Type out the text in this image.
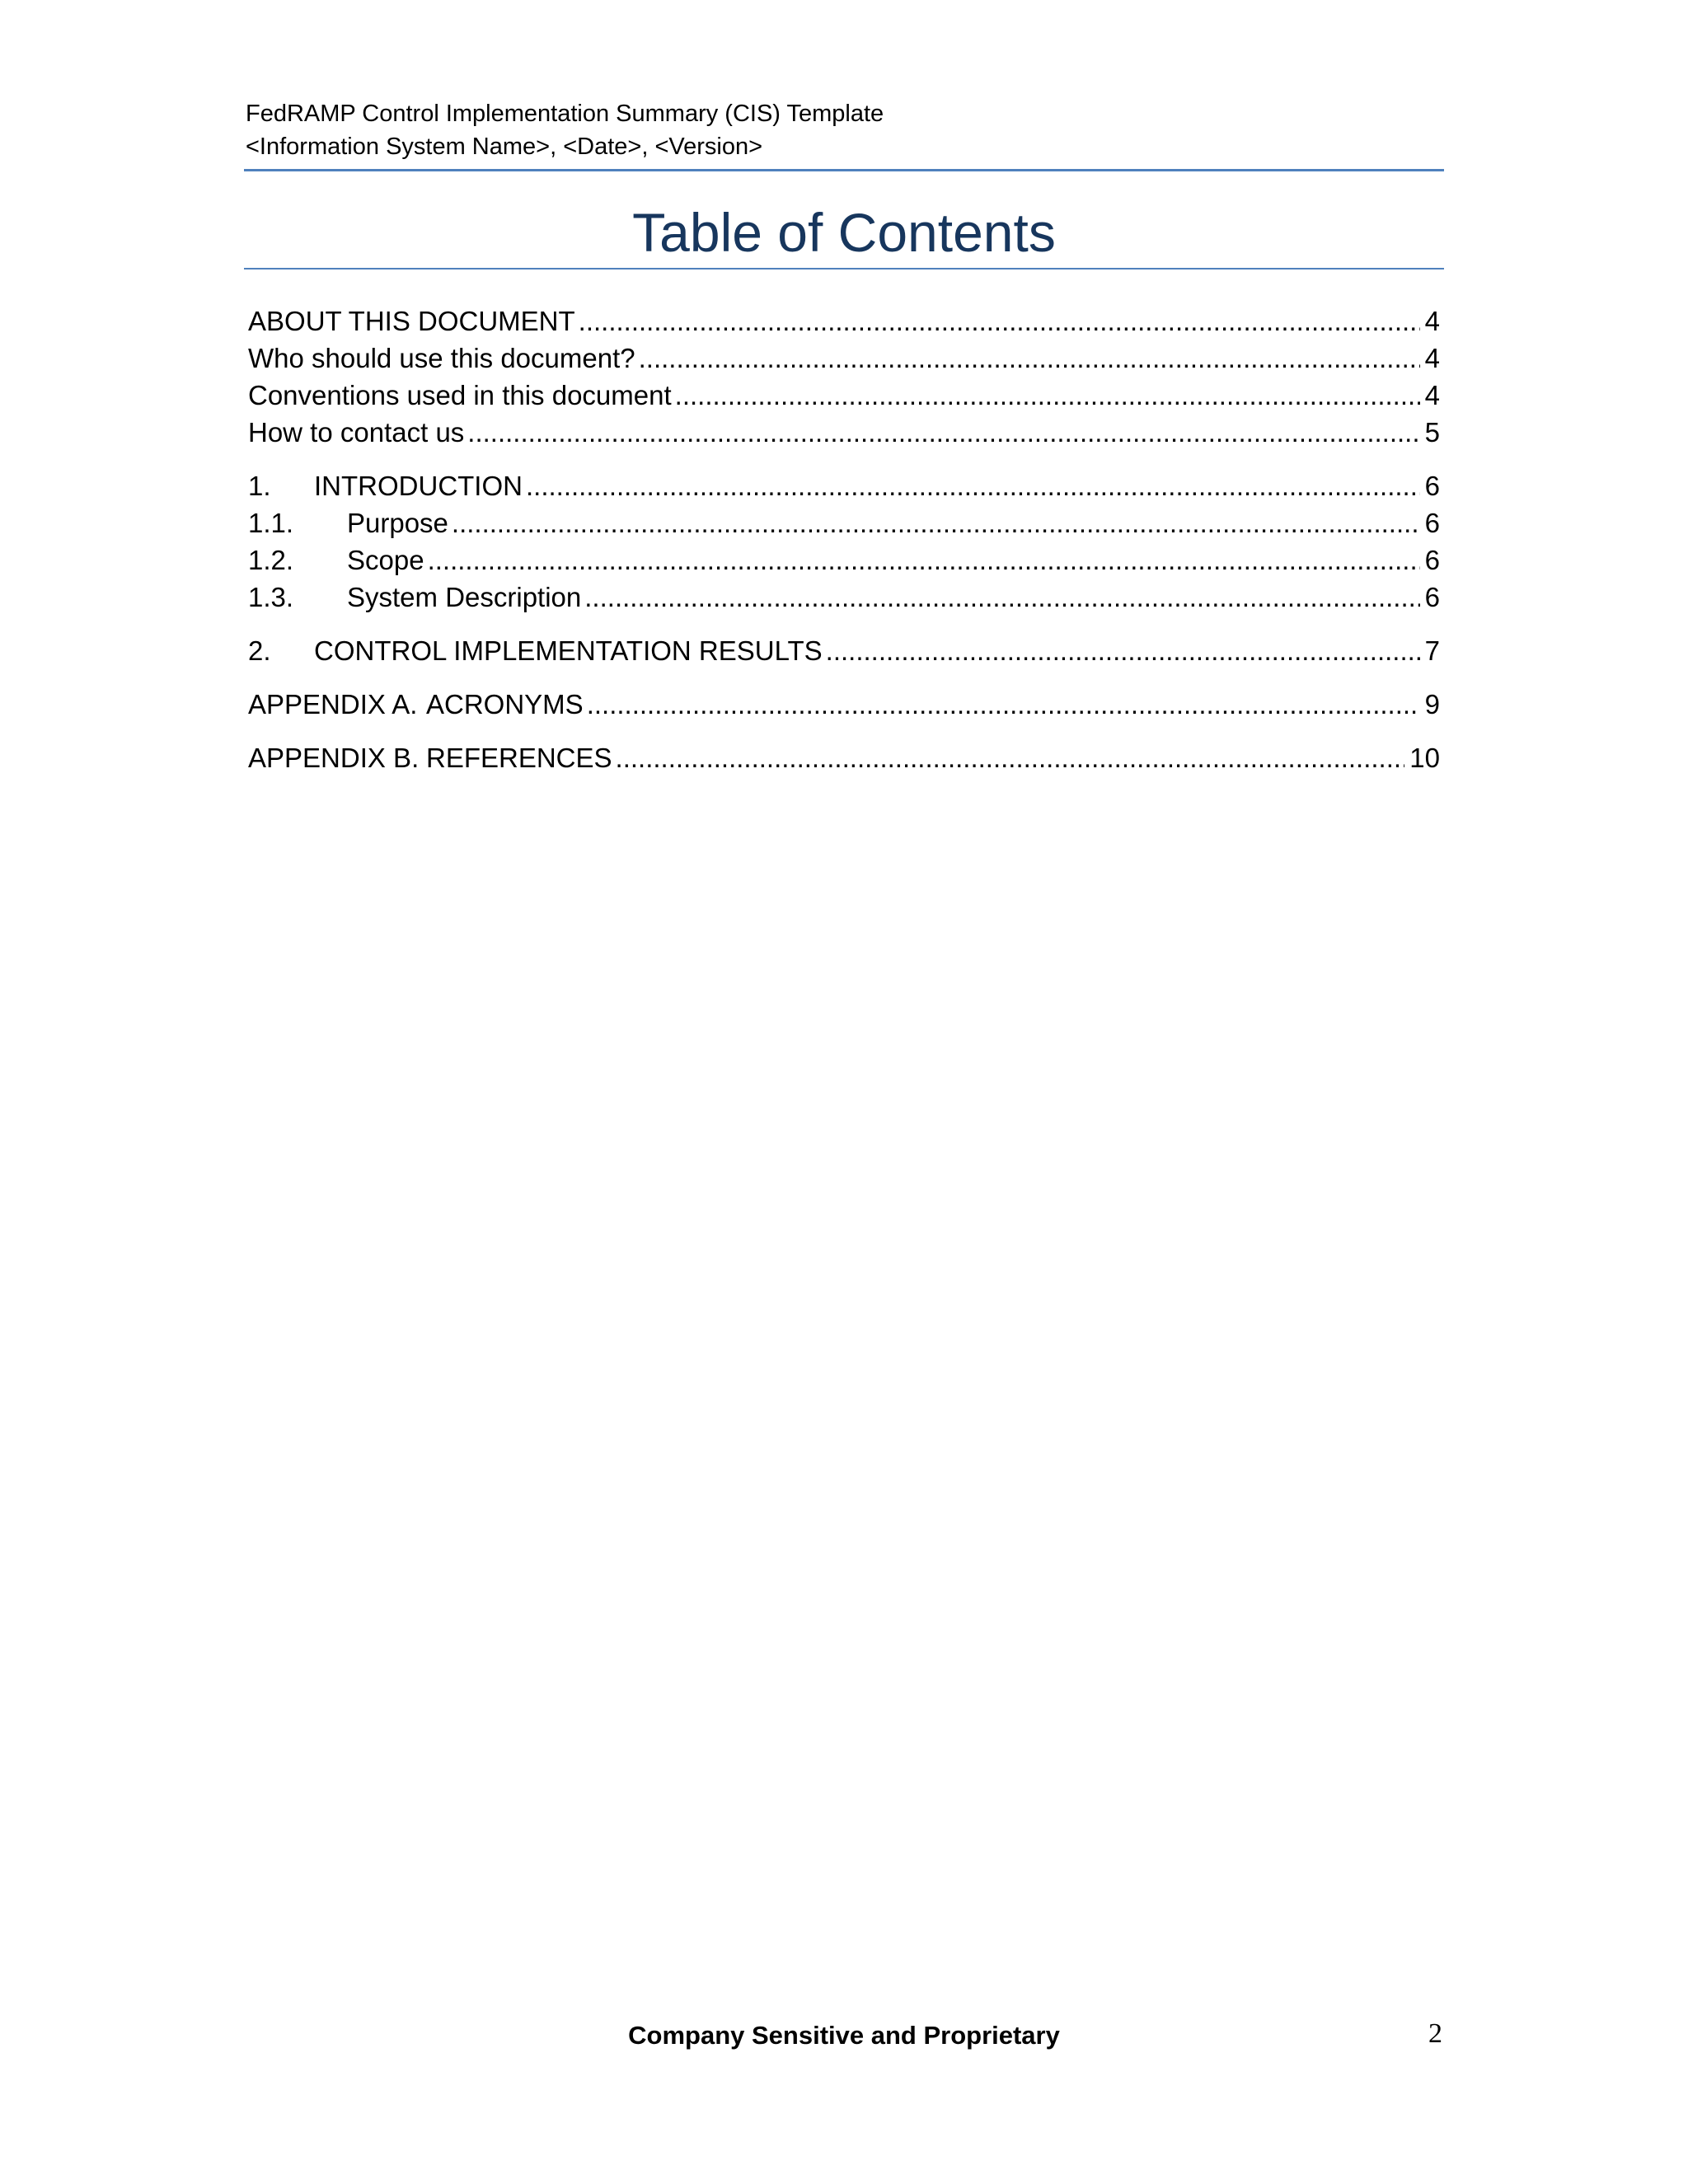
FedRAMP Control Implementation Summary (CIS) Template
<Information System Name>, <Date>, <Version>
Table of Contents
ABOUT THIS DOCUMENT .....	4
Who should use this document? .....	4
Conventions used in this document .....	4
How to contact us .....	5
1.	INTRODUCTION .....	6
1.1.	Purpose .....	6
1.2.	Scope .....	6
1.3.	System Description .....	6
2.	CONTROL IMPLEMENTATION RESULTS .....	7
APPENDIX A. ACRONYMS .....	9
APPENDIX B. REFERENCES .....	10
Company Sensitive and Proprietary	2
